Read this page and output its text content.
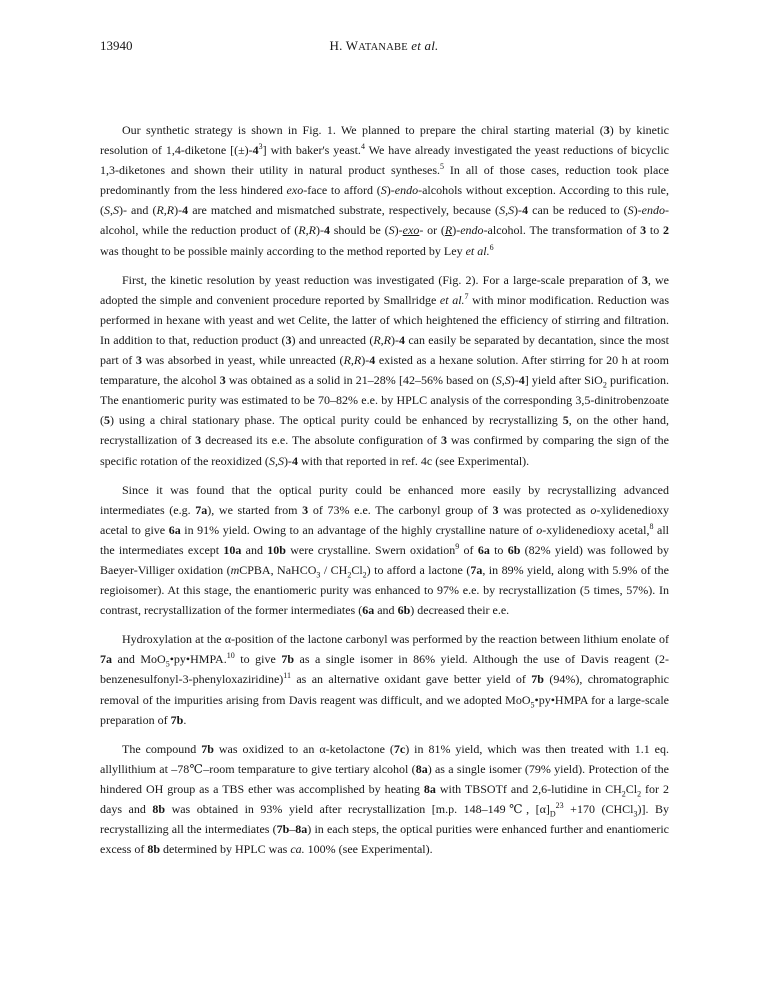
13940	H. WATANABE et al.

Our synthetic strategy is shown in Fig. 1. We planned to prepare the chiral starting material (3) by kinetic resolution of 1,4-diketone $[(\pm)-4^3]$ with baker's yeast.$^4$ We have already investigated the yeast reductions of bicyclic 1,3-diketones and shown their utility in natural product syntheses.$^5$ In all of those cases, reduction took place predominantly from the less hindered exo-face to afford (S)-endo-alcohols without exception. According to this rule, (S,S)- and (R,R)-4 are matched and mismatched substrate, respectively, because (S,S)-4 can be reduced to (S)-endo-alcohol, while the reduction product of (R,R)-4 should be (S)-exo- or (R)-endo-alcohol. The transformation of 3 to 2 was thought to be possible mainly according to the method reported by Ley et al.$^6$

First, the kinetic resolution by yeast reduction was investigated (Fig. 2). For a large-scale preparation of 3, we adopted the simple and convenient procedure reported by Smallridge et al.$^7$ with minor modification. Reduction was performed in hexane with yeast and wet Celite, the latter of which heightened the efficiency of stirring and filtration. In addition to that, reduction product (3) and unreacted (R,R)-4 can easily be separated by decantation, since the most part of 3 was absorbed in yeast, while unreacted (R,R)-4 existed as a hexane solution. After stirring for 20 h at room temparature, the alcohol 3 was obtained as a solid in 21–28% [42–56% based on (S,S)-4] yield after SiO$_2$ purification. The enantiomeric purity was estimated to be 70–82% e.e. by HPLC analysis of the corresponding 3,5-dinitrobenzoate (5) using a chiral stationary phase. The optical purity could be enhanced by recrystallizing 5, on the other hand, recrystallization of 3 decreased its e.e. The absolute configuration of 3 was confirmed by comparing the sign of the specific rotation of the reoxidized (S,S)-4 with that reported in ref. 4c (see Experimental).

Since it was found that the optical purity could be enhanced more easily by recrystallizing advanced intermediates (e.g. 7a), we started from 3 of 73% e.e. The carbonyl group of 3 was protected as o-xylidenedioxy acetal to give 6a in 91% yield. Owing to an advantage of the highly crystalline nature of o-xylidenedioxy acetal,$^8$ all the intermediates except 10a and 10b were crystalline. Swern oxidation$^9$ of 6a to 6b (82% yield) was followed by Baeyer-Villiger oxidation (mCPBA, NaHCO$_3$ / $CH_2Cl_2$) to afford a lactone (7a, in 89% yield, along with 5.9% of the regioisomer). At this stage, the enantiomeric purity was enhanced to 97% e.e. by recrystallization (5 times, 57%). In contrast, recrystallization of the former intermediates (6a and 6b) decreased their e.e.

Hydroxylation at the α-position of the lactone carbonyl was performed by the reaction between lithium enolate of 7a and MoO$_5$•py•HMPA.$^{10}$ to give 7b as a single isomer in 86% yield. Although the use of Davis reagent (2-benzenesulfonyl-3-phenyloxaziridine)$^{11}$ as an alternative oxidant gave better yield of 7b (94%), chromatographic removal of the impurities arising from Davis reagent was difficult, and we adopted MoO$_5$•py•HMPA for a large-scale preparation of 7b.

The compound 7b was oxidized to an α-ketolactone (7c) in 81% yield, which was then treated with 1.1 eq. allyllithium at –78℃–room temparature to give tertiary alcohol (8a) as a single isomer (79% yield). Protection of the hindered OH group as a TBS ether was accomplished by heating 8a with TBSOTf and 2,6-lutidine in $CH_2Cl_2$ for 2 days and 8b was obtained in 93% yield after recrystallization [m.p. 148–149℃, $[\alpha]_D^{23} +170$ (CHCl$_3$)]. By recrystallizing all the intermediates (7b–8a) in each steps, the optical purities were enhanced further and enantiomeric excess of 8b determined by HPLC was ca. 100% (see Experimental).
